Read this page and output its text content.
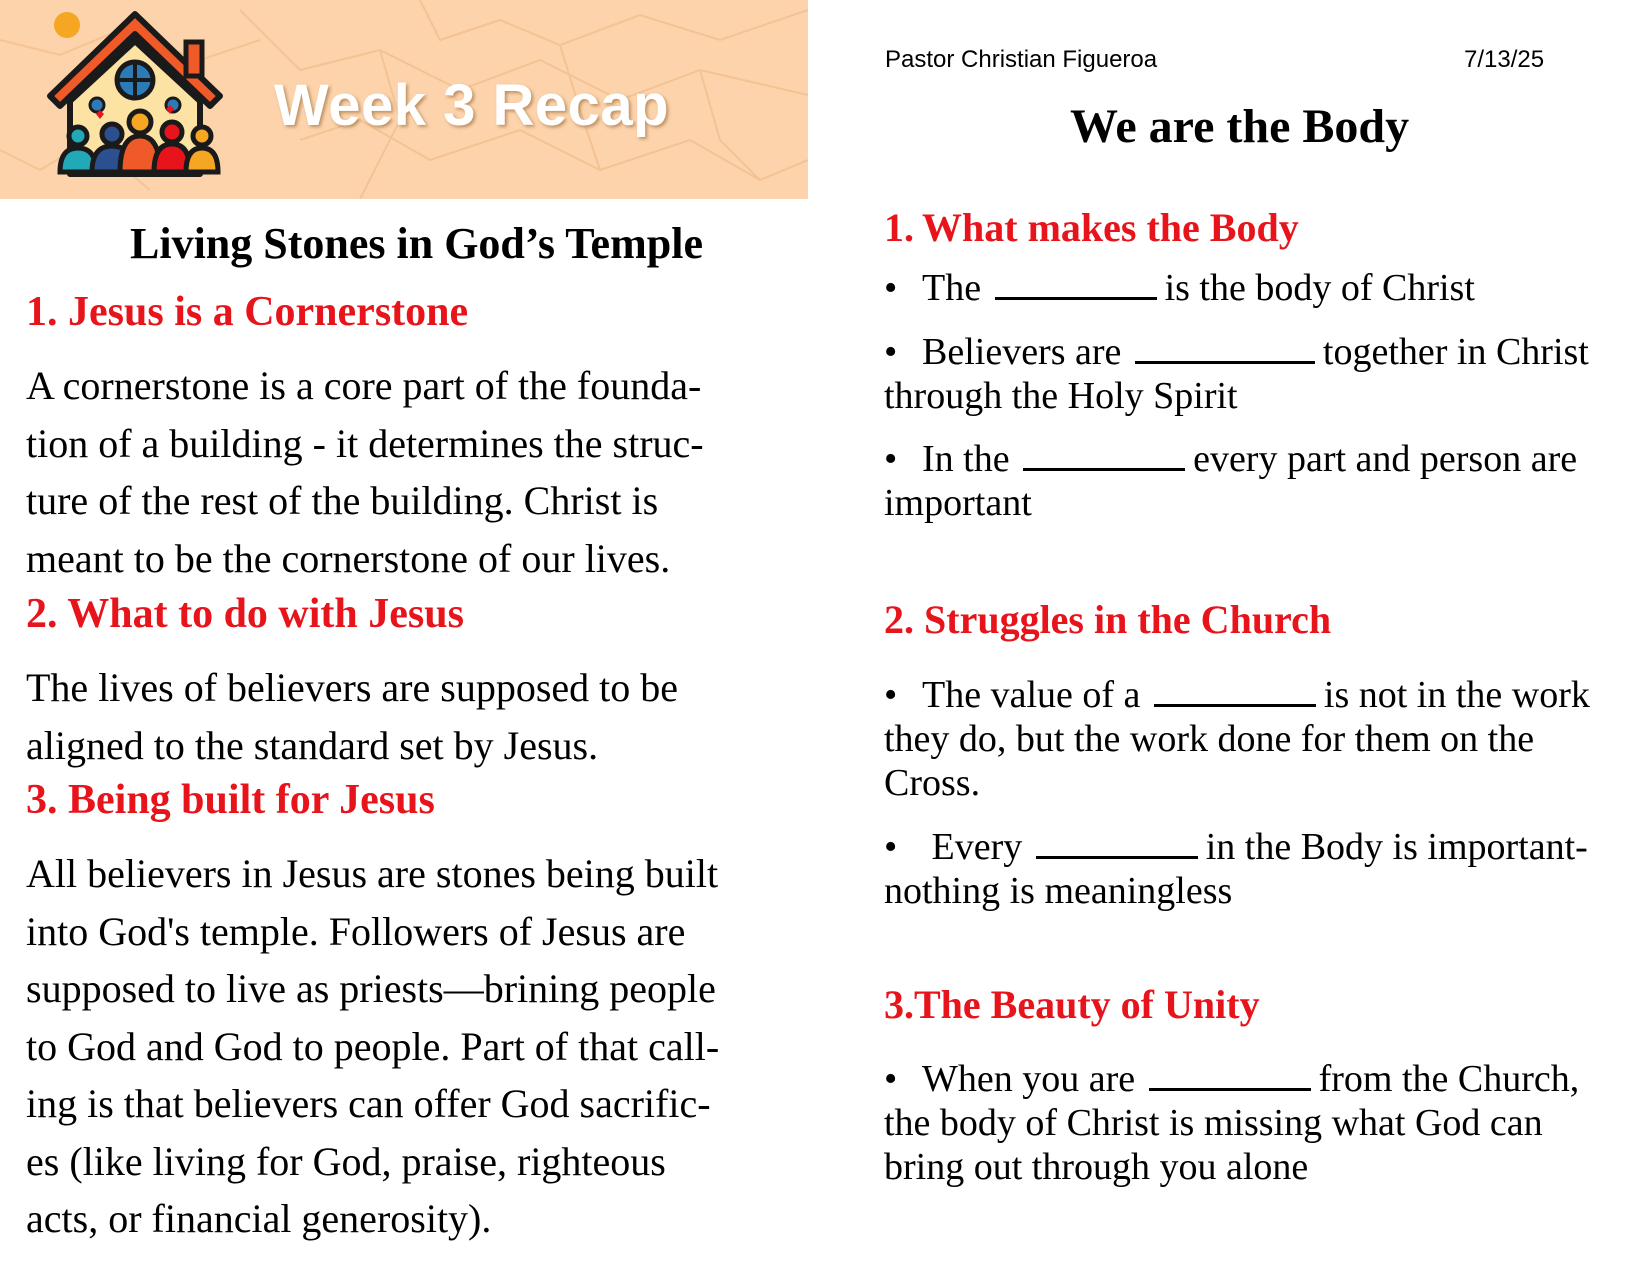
Week 3 Recap
Living Stones in God’s Temple
1. Jesus is a Cornerstone

A cornerstone is a core part of the founda-

tion of a building - it determines the struc-

ture of the rest of the building. Christ is

meant to be the cornerstone of our lives.

2. What to do with Jesus

The lives of believers are supposed to be

aligned to the standard set by Jesus.

3. Being built for Jesus

All believers in Jesus are stones being built

into God's temple. Followers of Jesus are

supposed to live as priests—brining people

to God and God to people. Part of that call-

ing is that believers can offer God sacrific-

es (like living for God, praise, righteous

acts, or financial generosity).

Pastor Christian Figueroa	7/13/25
We are the Body
1. What makes the Body

• The	is the body of Christ

• Believers are	together in Christ

through the Holy Spirit

• In the	every part and person are

important

2. Struggles in the Church

• The value of a	is not in the work

they do, but the work done for them on the

Cross.

• Every	in the Body is important-

nothing is meaningless

3.The Beauty of Unity

• When you are	from the Church,

the body of Christ is missing what God can

bring out through you alone
